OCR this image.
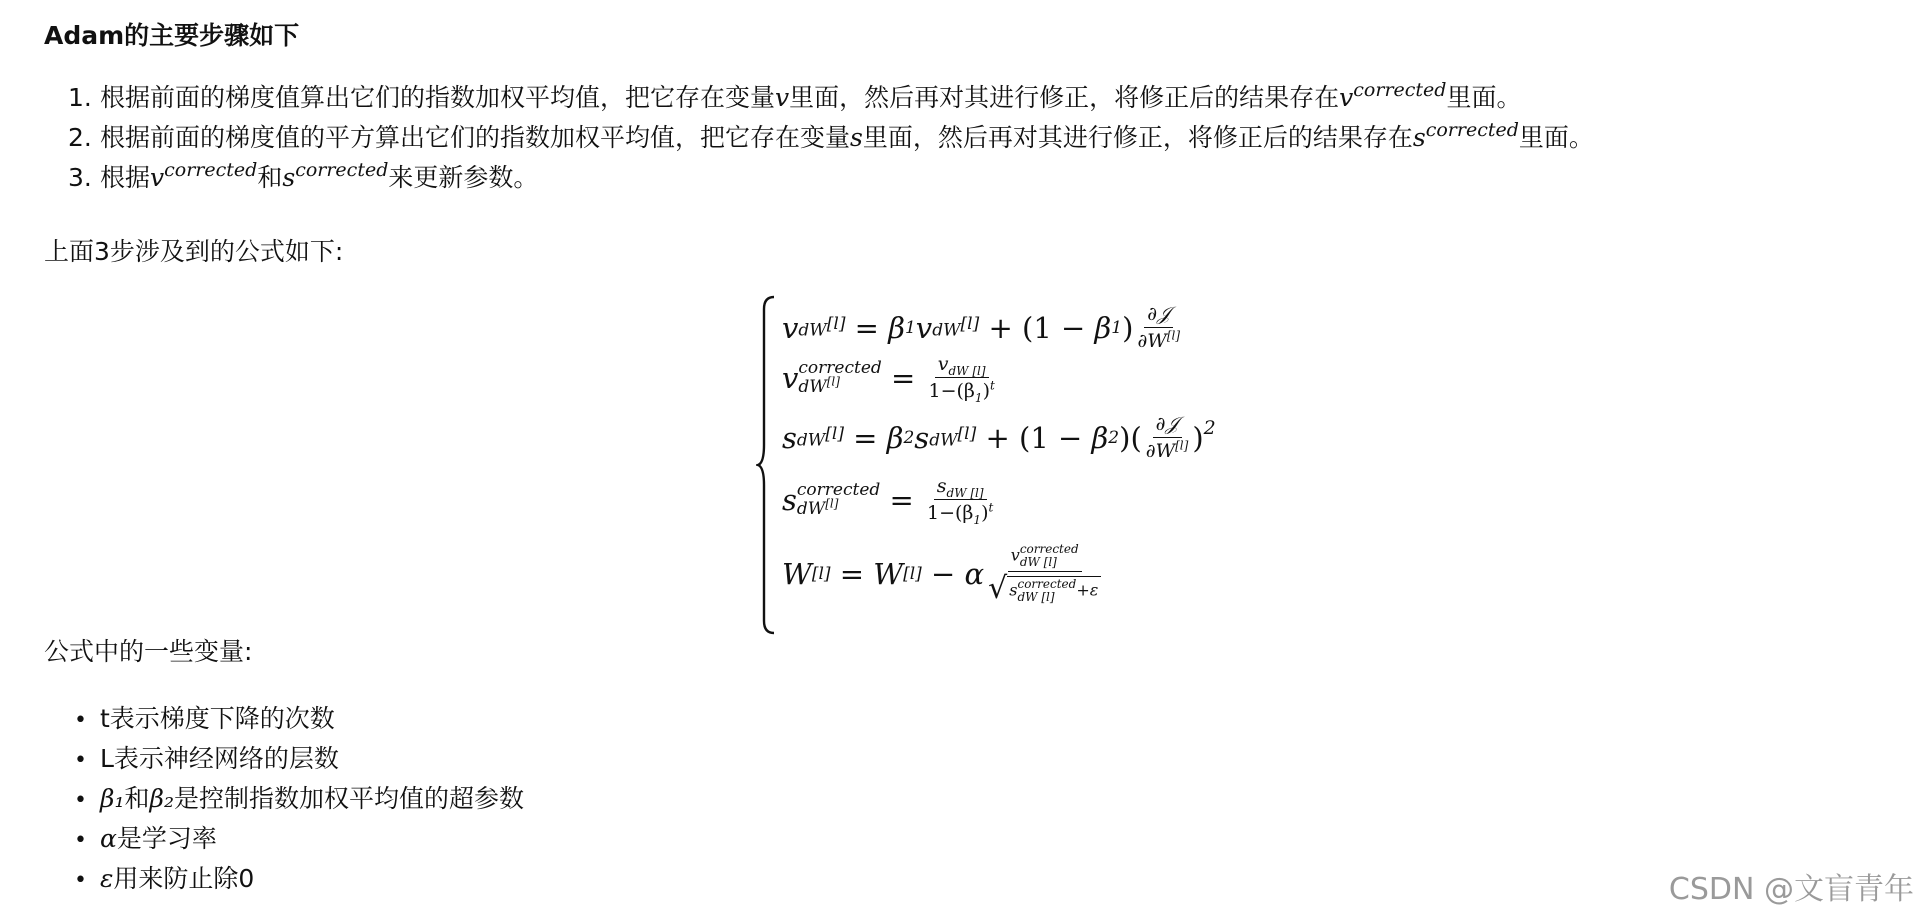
Adam的主要步骤如下
1. 根据前面的梯度值算出它们的指数加权平均值，把它存在变量v里面，然后再对其进行修正，将修正后的结果存在$v^{corrected}$里面。
2. 根据前面的梯度值的平方算出它们的指数加权平均值，把它存在变量s里面，然后再对其进行修正，将修正后的结果存在$s^{corrected}$里面。
3. 根据$v^{corrected}$和$s^{corrected}$来更新参数。
上面3步涉及到的公式如下:
v dW[l]
=
β 1 v dW[l]
+ ( 1
−
β 1 ) $\frac{\text{∂𝒥}}{\partial W^{[l]}}$
v corrected
dW[l]
	=
$\frac{v_{dW [l]}}{1-(\beta_1)^t}$
s dW[l]
=
β 2 s dW[l]
+ ( 1
−
β 2 )( $\frac{\text{∂𝒥}}{\partial W^{[l]}} )^2$
s corrected
dW[l]
	=
$\frac{s_{dW [l]}}{1-(\beta_1)^t}$
W [l]
=
W [l]
−
α v corrected
dW [l]
√ s corrected
dW [l]	+ε
公式中的一些变量:
• t表示梯度下降的次数
• L表示神经网络的层数
• β₁和β₂是控制指数加权平均值的超参数
• α是学习率
• ε用来防止除0	CSDN @文盲青年
